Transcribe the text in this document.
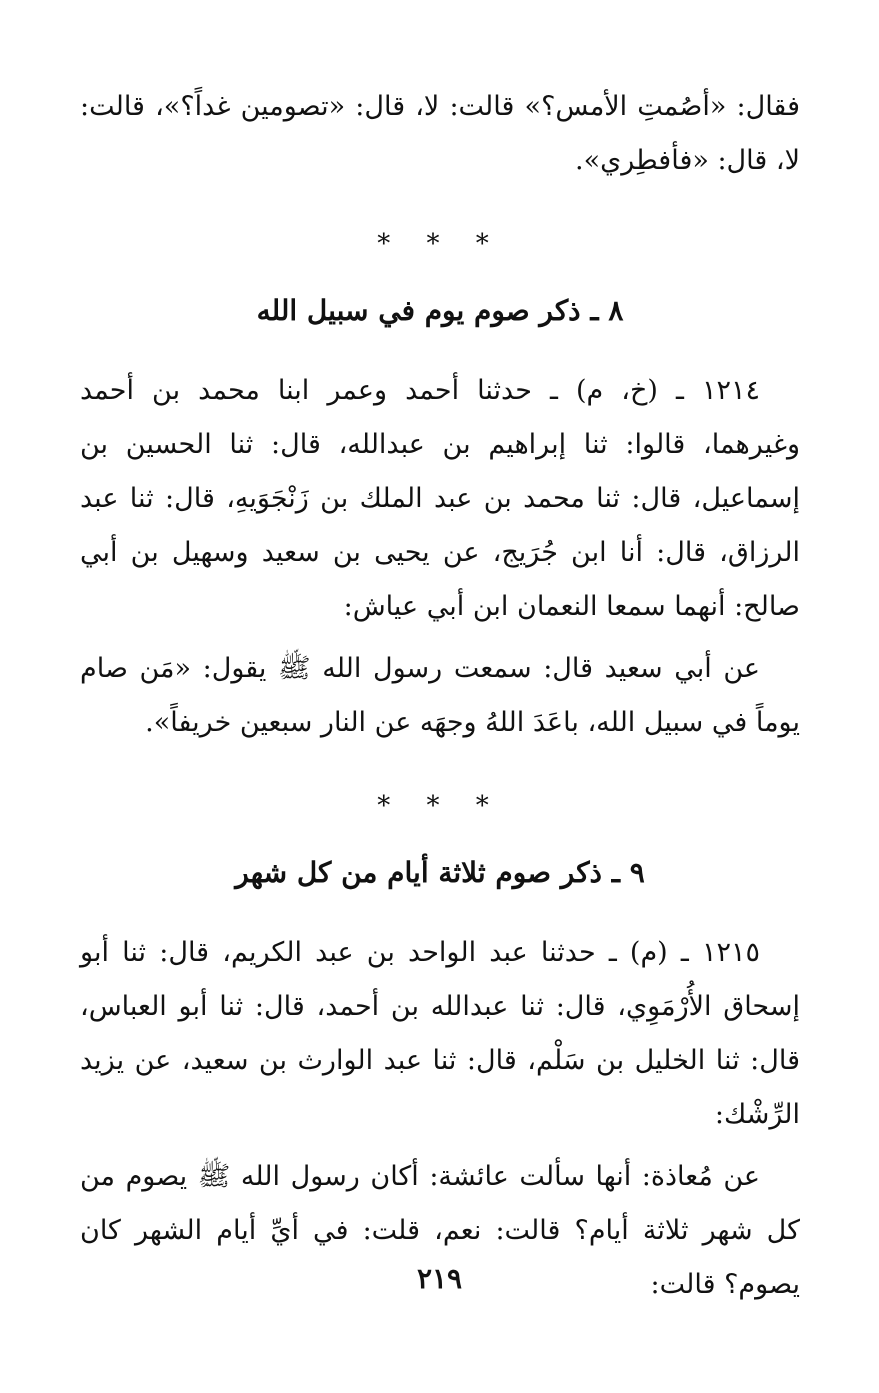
فقال: «أصُمتِ الأمس؟» قالت: لا، قال: «تصومين غداً؟»، قالت: لا، قال: «فأفطِري».

* * *
٨ ـ ذكر صوم يوم في سبيل الله

١٢١٤ ـ (خ، م) ـ حدثنا أحمد وعمر ابنا محمد بن أحمد وغيرهما، قالوا: ثنا إبراهيم بن عبدالله، قال: ثنا الحسين بن إسماعيل، قال: ثنا محمد بن عبد الملك بن زَنْجَوَيهِ، قال: ثنا عبد الرزاق، قال: أنا ابن جُرَيج، عن يحيى بن سعيد وسهيل بن أبي صالح: أنهما سمعا النعمان ابن أبي عياش:

عن أبي سعيد قال: سمعت رسول الله ﷺ يقول: «مَن صام يوماً في سبيل الله، باعَدَ اللهُ وجهَه عن النار سبعين خريفاً».

* * *
٩ ـ ذكر صوم ثلاثة أيام من كل شهر

١٢١٥ ـ (م) ـ حدثنا عبد الواحد بن عبد الكريم، قال: ثنا أبو إسحاق الأُرْمَوِي، قال: ثنا عبدالله بن أحمد، قال: ثنا أبو العباس، قال: ثنا الخليل بن سَلْم، قال: ثنا عبد الوارث بن سعيد، عن يزيد الرِّشْك:

عن مُعاذة: أنها سألت عائشة: أكان رسول الله ﷺ يصوم من كل شهر ثلاثة أيام؟ قالت: نعم، قلت: في أيِّ أيام الشهر كان يصوم؟ قالت:

٢١٩
